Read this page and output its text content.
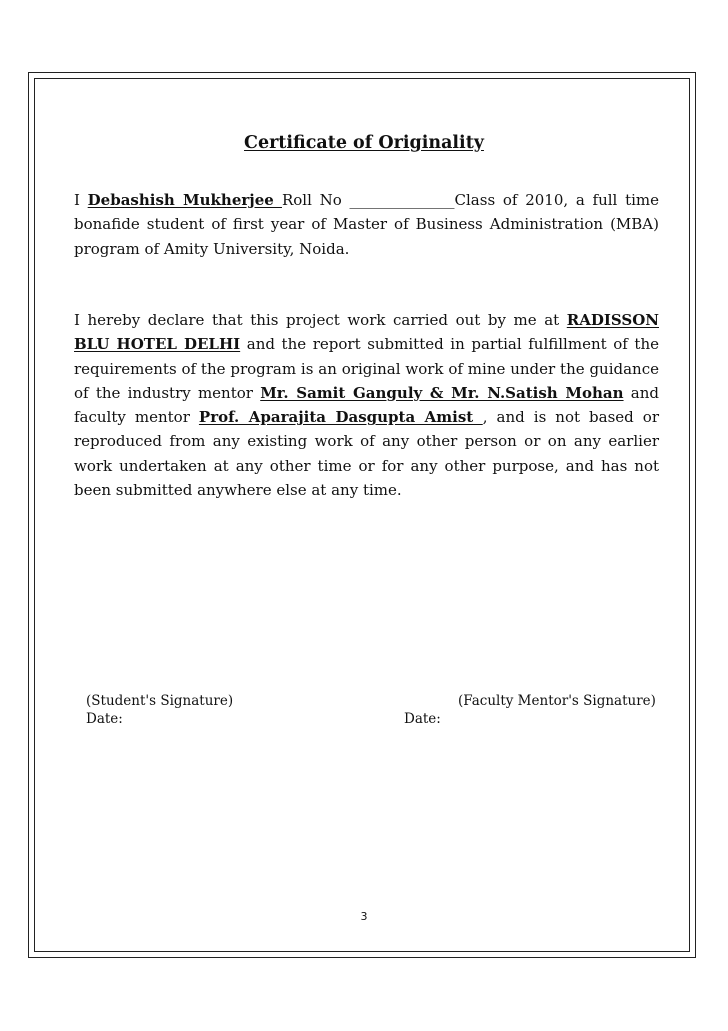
Certificate of Originality

I Debashish Mukherjee Roll No ______________Class of 2010, a full time bonafide student of first year of Master of Business Administration (MBA) program of Amity University, Noida.

I hereby declare that this project work carried out by me at RADISSON BLU HOTEL DELHI and the report submitted in partial fulfillment of the requirements of the program is an original work of mine under the guidance of the industry mentor Mr. Samit Ganguly & Mr. N.Satish Mohan and faculty mentor Prof. Aparajita Dasgupta Amist , and is not based or reproduced from any existing work of any other person or on any earlier work undertaken at any other time or for any other purpose, and has not been submitted anywhere else at any time.

(Student's Signature)
Date:
(Faculty Mentor's Signature)
Date:
3
